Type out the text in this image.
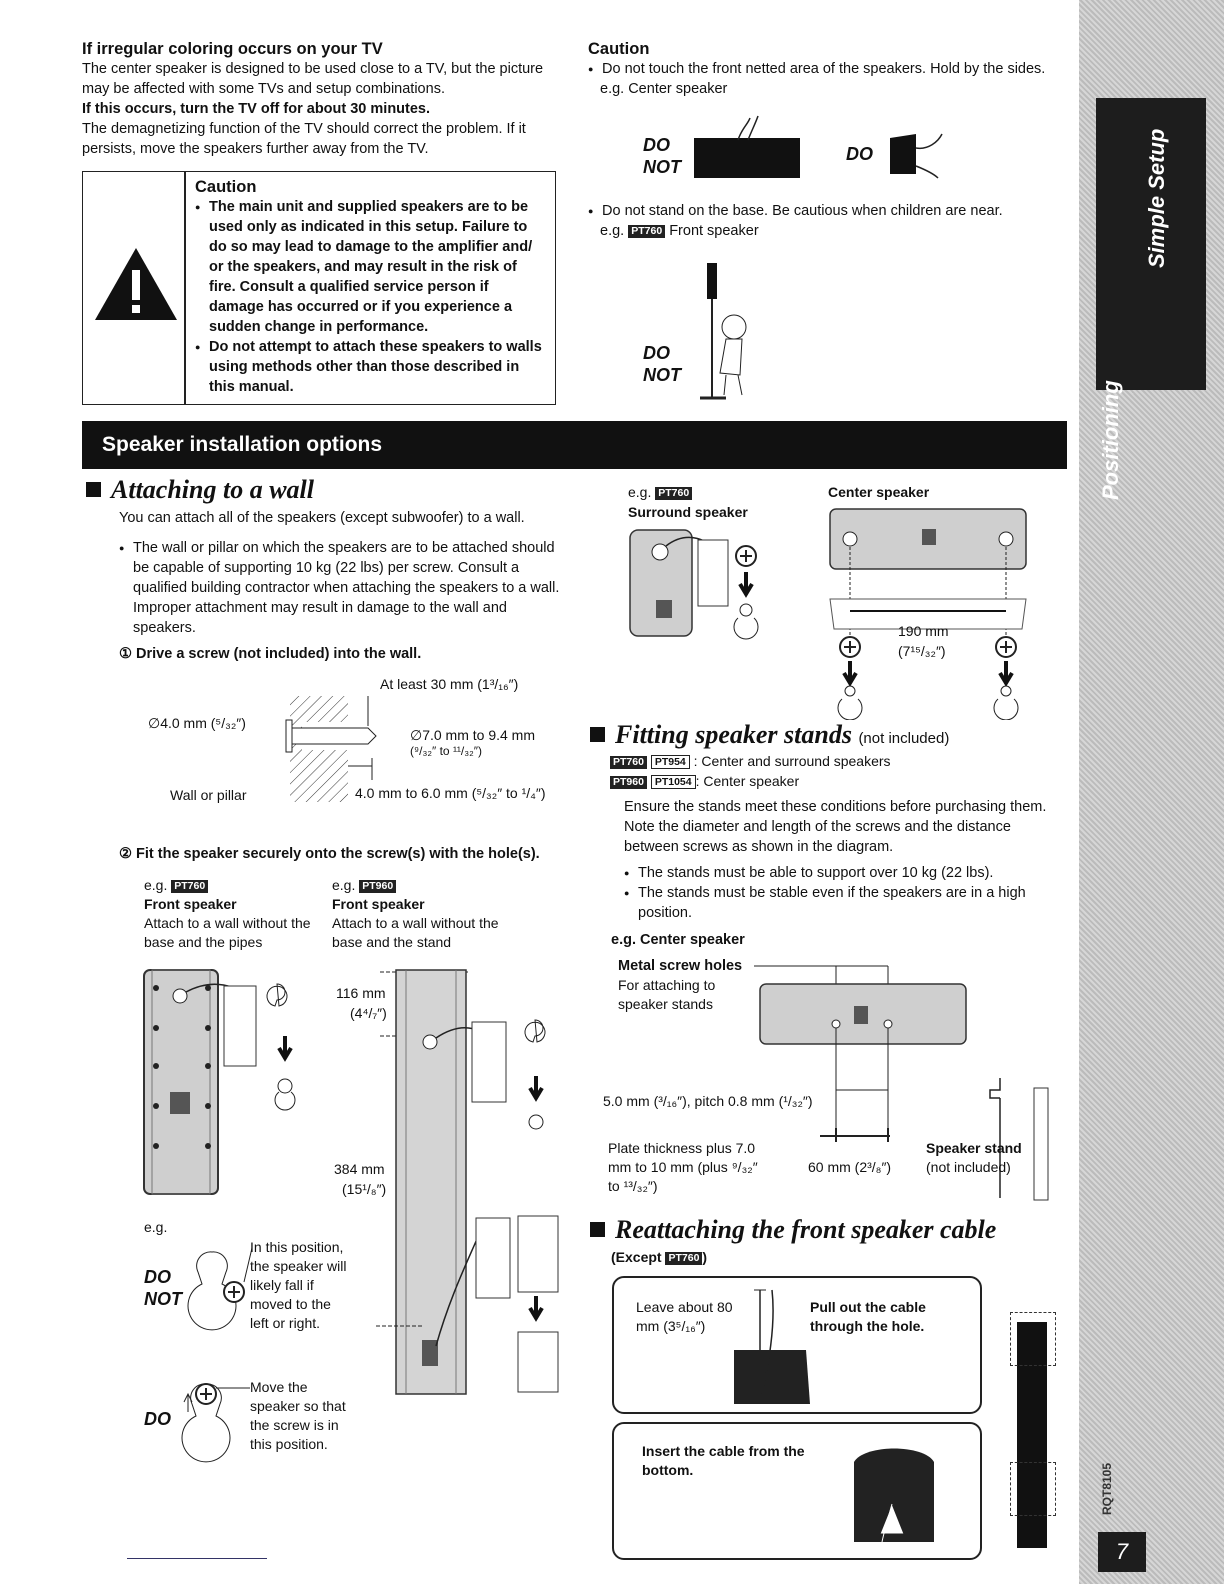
Simple Setup
Positioning
RQT8105
7
If irregular coloring occurs on your TV
The center speaker is designed to be used close to a TV, but the picture may be affected with some TVs and setup combinations.
If this occurs, turn the TV off for about 30 minutes.
The demagnetizing function of the TV should correct the problem. If it persists, move the speakers further away from the TV.
Caution
● The main unit and supplied speakers are to be used only as indicated in this setup. Failure to do so may lead to damage to the amplifier and/ or the speakers, and may result in the risk of fire. Consult a qualified service person if damage has occurred or if you experience a sudden change in performance.
● Do not attempt to attach these speakers to walls using methods other than those described in this manual.
Caution
● Do not touch the front netted area of the speakers. Hold by the sides.
e.g. Center speaker
DO NOT
DO
● Do not stand on the base. Be cautious when children are near.
e.g. PT760 Front speaker
DO NOT
Speaker installation options
Attaching to a wall
You can attach all of the speakers (except subwoofer) to a wall.
● The wall or pillar on which the speakers are to be attached should be capable of supporting 10 kg (22 lbs) per screw. Consult a qualified building contractor when attaching the speakers to a wall. Improper attachment may result in damage to the wall and speakers.
① Drive a screw (not included) into the wall.
At least 30 mm (1³/₁₆″)
∅4.0 mm (⁵/₃₂″)
∅7.0 mm to 9.4 mm
(⁹/₃₂″ to ¹¹/₃₂″)
Wall or pillar	4.0 mm to 6.0 mm (⁵/₃₂″ to ¹/₄″)
② Fit the speaker securely onto the screw(s) with the hole(s).
e.g. PT760
Front speaker
Attach to a wall without the base and the pipes
e.g. PT960
Front speaker
Attach to a wall without the base and the stand
116 mm
(4⁴/₇″)
384 mm
(15¹/₈″)
e.g.
DO NOT
In this position, the speaker will likely fall if moved to the left or right.
DO
Move the speaker so that the screw is in this position.
e.g. PT760
Surround speaker
Center speaker
190 mm
(7¹⁵/₃₂″)
Fitting speaker stands (not included)
PT760 PT954 : Center and surround speakers
PT960 PT1054 : Center speaker
Ensure the stands meet these conditions before purchasing them. Note the diameter and length of the screws and the distance between screws as shown in the diagram.
● The stands must be able to support over 10 kg (22 lbs).
● The stands must be stable even if the speakers are in a high position.
e.g. Center speaker
Metal screw holes
For attaching to speaker stands
5.0 mm (³/₁₆″), pitch 0.8 mm (¹/₃₂″)
Plate thickness plus 7.0 mm to 10 mm (plus ⁹/₃₂″ to ¹³/₃₂″)
60 mm (2³/₈″)
Speaker stand
(not included)
Reattaching the front speaker cable
(Except PT760 )
Leave about 80 mm (3⁵/₁₆″)
Pull out the cable through the hole.
Insert the cable from the bottom.
